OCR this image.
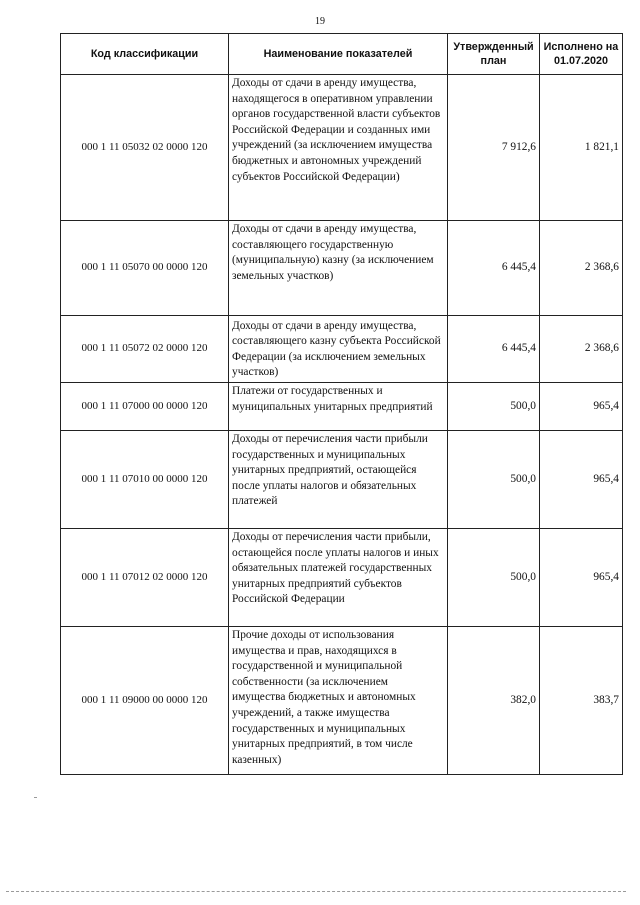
19
Код классификации	Наименование показателей	Утвержденный план	Исполнено на 01.07.2020
000 1 11 05032 02 0000 120	Доходы от сдачи в аренду имущества, находящегося в оперативном управлении органов государственной власти субъектов Российской Федерации и созданных ими учреждений (за исключением имущества бюджетных и автономных учреждений субъектов Российской Федерации)	7 912,6	1 821,1
000 1 11 05070 00 0000 120	Доходы от сдачи в аренду имущества, составляющего государственную (муниципальную) казну (за исключением земельных участков)	6 445,4	2 368,6
000 1 11 05072 02 0000 120	Доходы от сдачи в аренду имущества, составляющего казну субъекта Российской Федерации (за исключением земельных участков)	6 445,4	2 368,6
000 1 11 07000 00 0000 120	Платежи от государственных и муниципальных унитарных предприятий	500,0	965,4
000 1 11 07010 00 0000 120	Доходы от перечисления части прибыли государственных и муниципальных унитарных предприятий, остающейся после уплаты налогов и обязательных платежей	500,0	965,4
000 1 11 07012 02 0000 120	Доходы от перечисления части прибыли, остающейся после уплаты налогов и иных обязательных платежей государственных унитарных предприятий субъектов Российской Федерации	500,0	965,4
000 1 11 09000 00 0000 120	Прочие доходы от использования имущества и прав, находящихся в государственной и муниципальной собственности (за исключением имущества бюджетных и автономных учреждений, а также имущества государственных и муниципальных унитарных предприятий, в том числе казенных)	382,0	383,7
